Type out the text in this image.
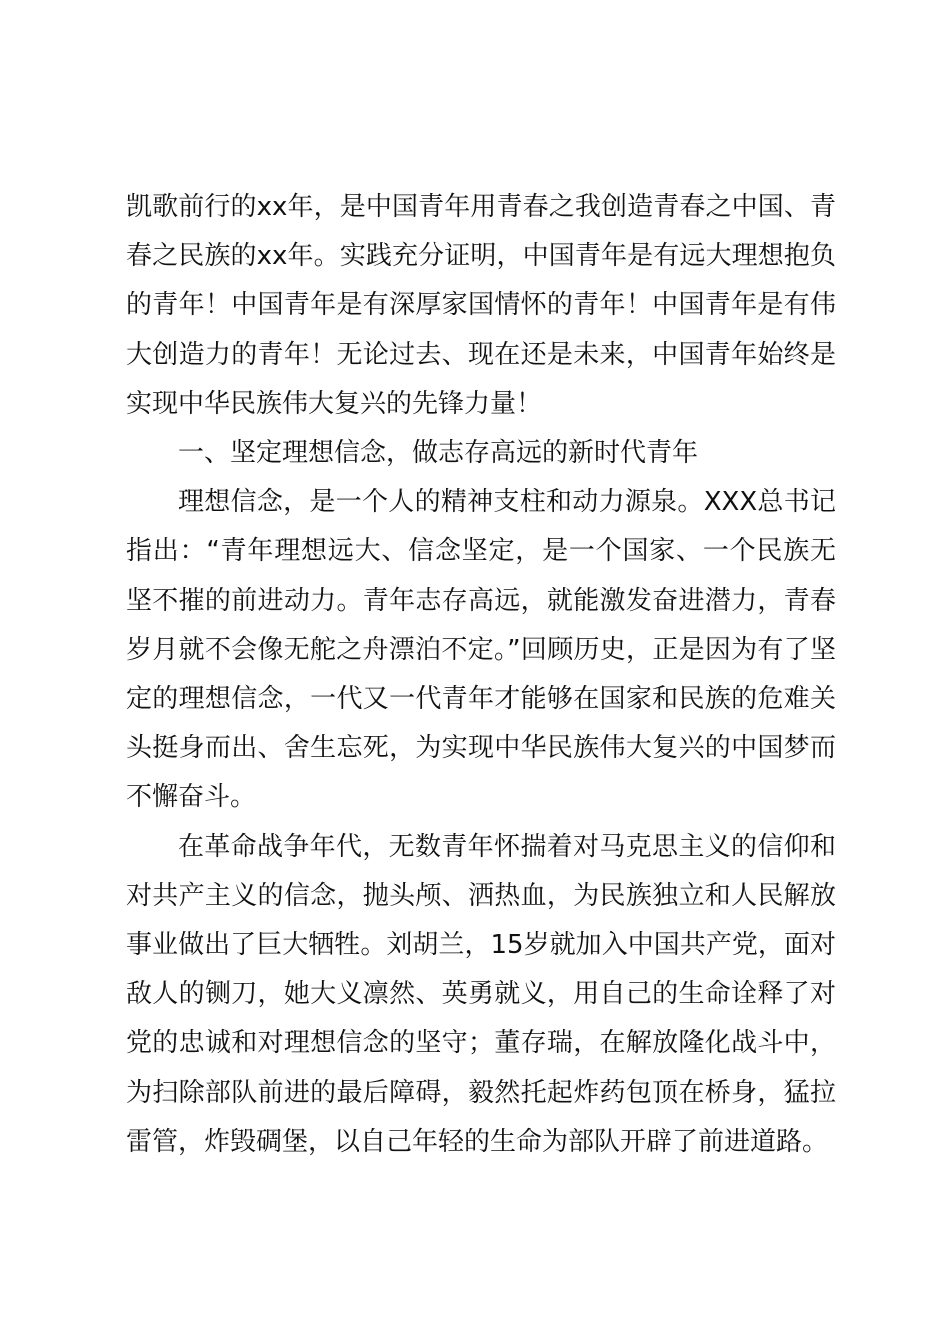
凯歌前行的xx年，是中国青年用青春之我创造青春之中国、青春之民族的xx年。实践充分证明，中国青年是有远大理想抱负的青年！中国青年是有深厚家国情怀的青年！中国青年是有伟大创造力的青年！无论过去、现在还是未来，中国青年始终是实现中华民族伟大复兴的先锋力量！

一、坚定理想信念，做志存高远的新时代青年

理想信念，是一个人的精神支柱和动力源泉。XXX总书记指出：“青年理想远大、信念坚定，是一个国家、一个民族无坚不摧的前进动力。青年志存高远，就能激发奋进潜力，青春岁月就不会像无舵之舟漂泊不定。”回顾历史，正是因为有了坚定的理想信念，一代又一代青年才能够在国家和民族的危难关头挺身而出、舍生忘死，为实现中华民族伟大复兴的中国梦而不懈奋斗。

在革命战争年代，无数青年怀揣着对马克思主义的信仰和对共产主义的信念，抛头颅、洒热血，为民族独立和人民解放事业做出了巨大牺牲。刘胡兰，15岁就加入中国共产党，面对敌人的铡刀，她大义凛然、英勇就义，用自己的生命诠释了对党的忠诚和对理想信念的坚守；董存瑞，在解放隆化战斗中，为扫除部队前进的最后障碍，毅然托起炸药包顶在桥身，猛拉雷管，炸毁碉堡，以自己年轻的生命为部队开辟了前进道路。
